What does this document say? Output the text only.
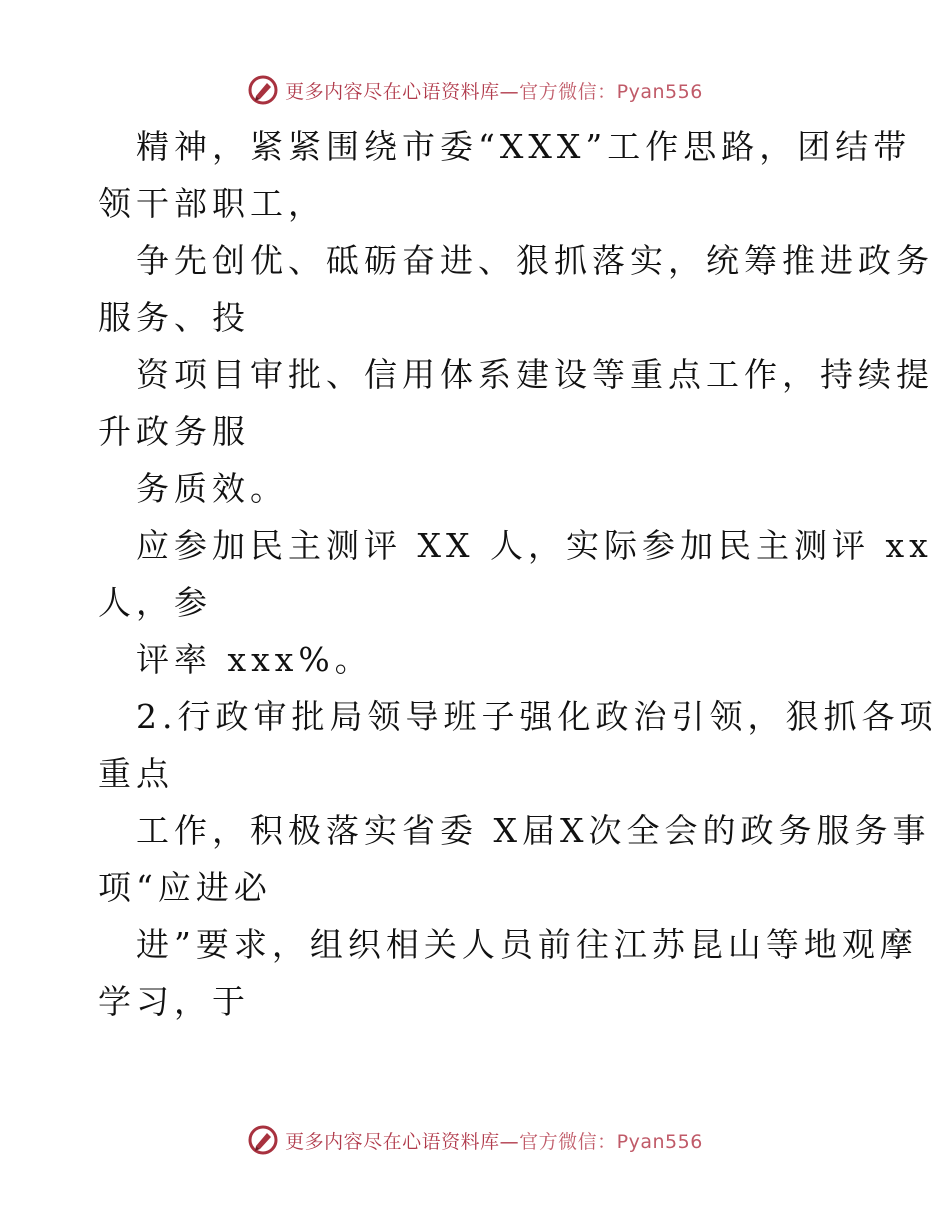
更多内容尽在心语资料库—官方微信：Pyan556

精神，紧紧围绕市委“XXX”工作思路，团结带
领干部职工，

争先创优、砥砺奋进、狠抓落实，统筹推进政务
服务、投

资项目审批、信用体系建设等重点工作，持续提
升政务服

务质效。

应参加民主测评 XX 人，实际参加民主测评 xx
人，参

评率 xxx%。

2.行政审批局领导班子强化政治引领，狠抓各项
重点

工作，积极落实省委 X届X次全会的政务服务事
项“应进必

进”要求，组织相关人员前往江苏昆山等地观摩
学习，于

更多内容尽在心语资料库—官方微信：Pyan556
